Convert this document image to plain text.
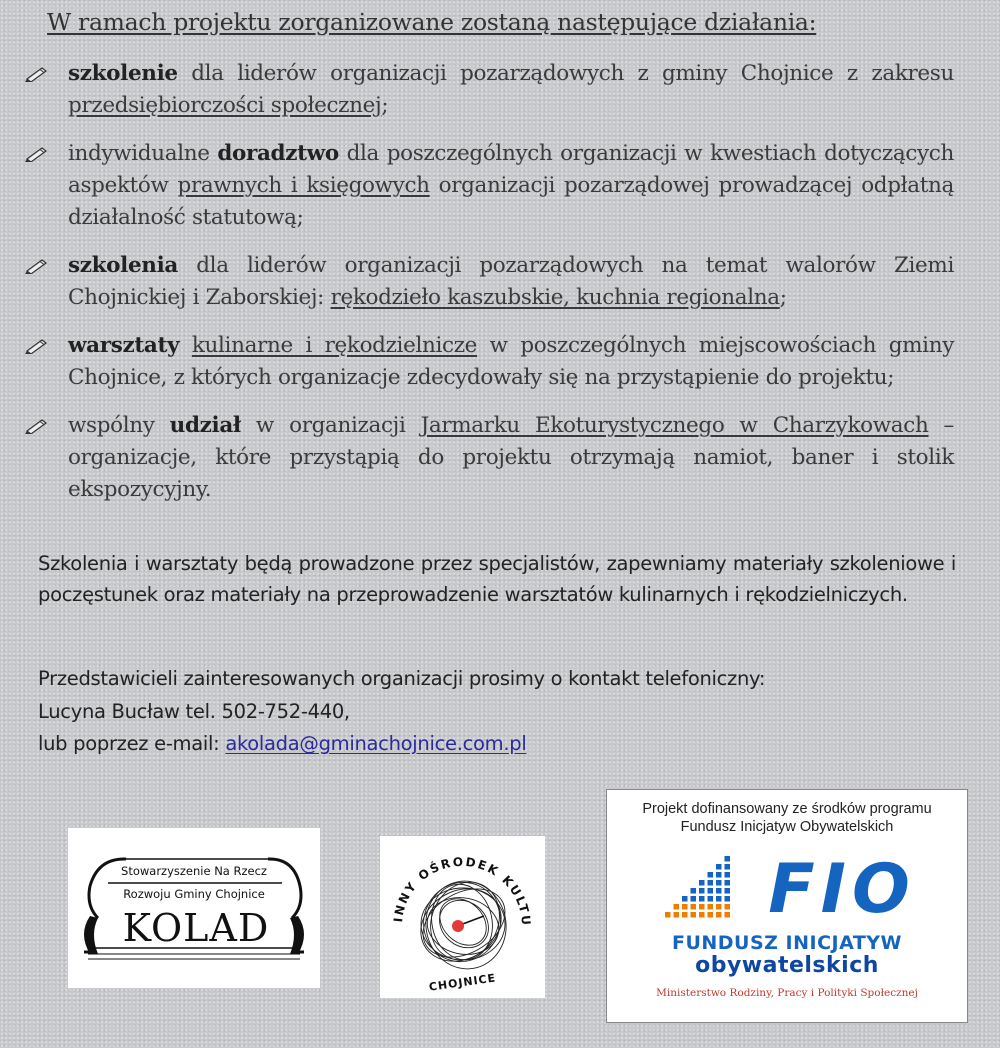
W ramach projektu zorganizowane zostaną następujące działania:
szkolenie dla liderów organizacji pozarządowych z gminy Chojnice z zakresu przedsiębiorczości społecznej;
indywidualne doradztwo dla poszczególnych organizacji w kwestiach dotyczących aspektów prawnych i księgowych organizacji pozarządowej prowadzącej odpłatną działalność statutową;
szkolenia dla liderów organizacji pozarządowych na temat walorów Ziemi Chojnickiej i Zaborskiej: rękodzieło kaszubskie, kuchnia regionalna;
warsztaty kulinarne i rękodzielnicze w poszczególnych miejscowościach gminy Chojnice, z których organizacje zdecydowały się na przystąpienie do projektu;
wspólny udział w organizacji Jarmarku Ekoturystycznego w Charzykowach – organizacje, które przystąpią do projektu otrzymają namiot, baner i stolik ekspozycyjny.

Szkolenia i warsztaty będą prowadzone przez specjalistów, zapewniamy materiały szkoleniowe i poczęstunek oraz materiały na przeprowadzenie warsztatów kulinarnych i rękodzielniczych.

Przedstawicieli zainteresowanych organizacji prosimy o kontakt telefoniczny:
Lucyna Bucław tel. 502-752-440,
lub poprzez e-mail: akolada@gminachojnice.com.pl
Stowarzyszenie Na Rzecz
Rozwoju Gminy Chojnice
KOLAD	INNY OŚRODEK KULTU
CHOJNICE
Projekt dofinansowany ze środków programu
Fundusz Inicjatyw Obywatelskich
FIO
FUNDUSZ INICJATYW
obywatelskich
Ministerstwo Rodziny, Pracy i Polityki Społecznej
